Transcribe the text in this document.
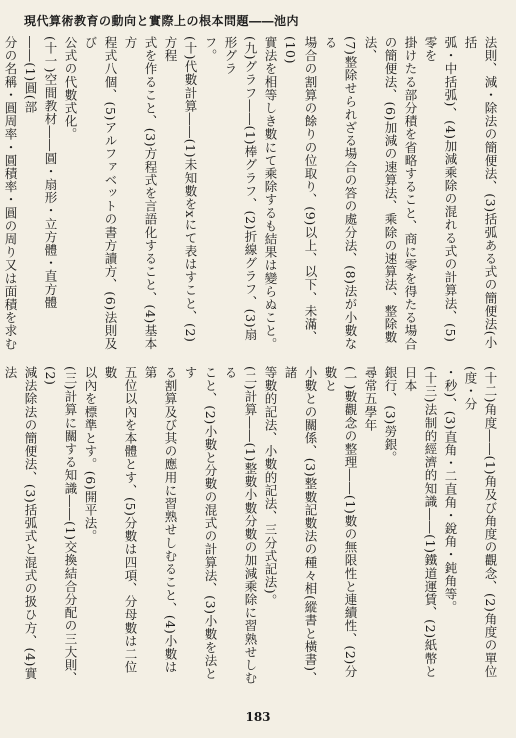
現代算術教育の動向と實際上の根本問題――池内
法則、減・除法の簡便法、(3)括弧ある式の簡便法(小括
弧・中括弧)、(4)加減乘除の混れる式の計算法、(5)零を
掛けたる部分積を省略すること、商に零を得たる場合
の簡便法、(6)加減の速算法、乘除の速算法、整除數法、
(7)整除せられざる場合の答の處分法、(8)法が小數なる
場合の割算の餘りの位取り、(9)以上、以下、未滿、(10)
實法を相等しき數にて乘除するも結果は變らぬこと。
(九)グラフ――(1)棒グラフ、(2)折線グラフ、(3)扇形グラ
フ。
(十)代數計算――(1)未知數をxにて表はすこと、(2)方程
式を作ること、(3)方程式を言語化すること、(4)基本方
程式八個、(5)アルファベットの書方讀方、(6)法則及び
公式の代數式化。
(十一)空間教材――圓・扇形・立方體・直方體――(1)圓(部
分の名稱・圓周率・圓積率・圓の周り又は面積を求む
(十二)角度――(1)角及び角度の觀念、(2)角度の單位(度・分
・秒)、(3)直角・二直角・銳角・鈍角等。
(十三)法制的經濟的知識――(1)鐵道運賃、(2)紙幣と日本
銀行、(3)勞銀。
尋常五學年
(一)數觀念の整理――(1)數の無限性と連續性、(2)分數と
小數との關係、(3)整數記數法の種々相(縱書と橫書)、諸
等數的記法、小數的記法、三分式記法)。
(二)計算――(1)整數小數分數の加減乘除に習熟せしむる
こと、(2)小數と分數の混式の計算法、(3)小數を法とす
る割算及び其の應用に習熟せしむること、(4)小數は第
五位以內を本體とす、(5)分數は四項、分母數は二位數
以內を標準とす。(6)開平法。
(三)計算に關する知識――(1)交換結合分配の三大則、(2)
減法除法の簡便法、(3)括弧式と混式の扱ひ方、(4)實法
183
